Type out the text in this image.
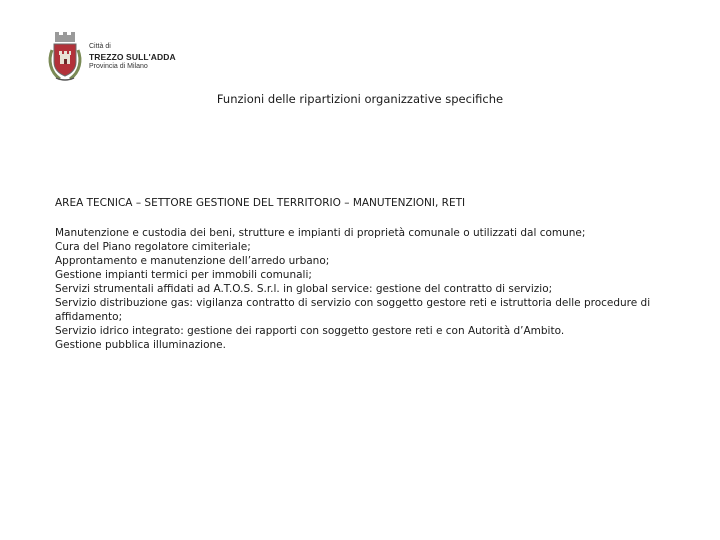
Città di
TREZZO SULL'ADDA
Provincia di Milano
Funzioni delle ripartizioni organizzative specifiche
AREA TECNICA – SETTORE GESTIONE DEL TERRITORIO – MANUTENZIONI, RETI
Manutenzione e custodia dei beni, strutture e impianti di proprietà comunale o utilizzati dal comune;
Cura del Piano regolatore cimiteriale;
Approntamento e manutenzione dell’arredo urbano;
Gestione impianti termici per immobili comunali;
Servizi strumentali affidati ad A.T.O.S. S.r.l. in global service: gestione del contratto di servizio;
Servizio distribuzione gas: vigilanza contratto di servizio con soggetto gestore reti e istruttoria delle procedure di affidamento;
Servizio idrico integrato: gestione dei rapporti con soggetto gestore reti e con Autorità d’Ambito.
Gestione pubblica illuminazione.
